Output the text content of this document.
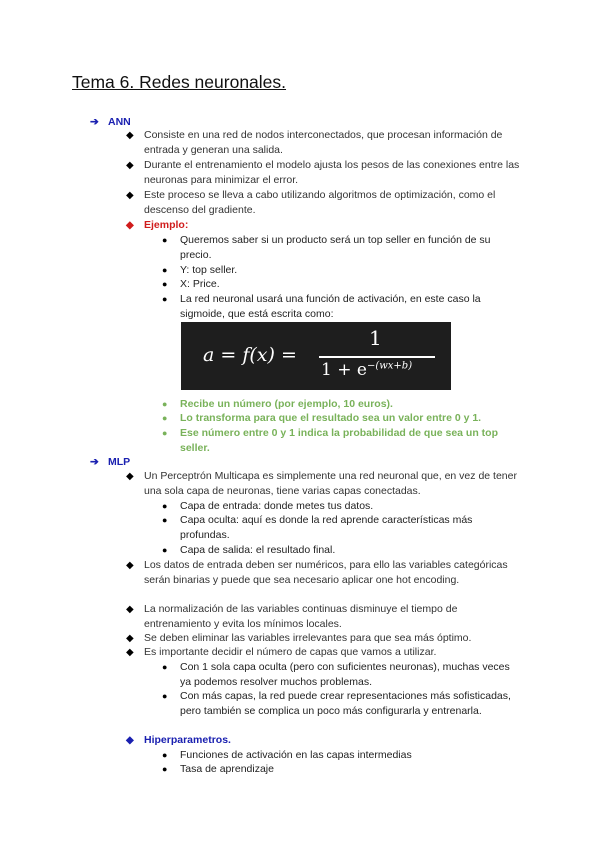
Tema 6. Redes neuronales.
➔ ANN
◆ Consiste en una red de nodos interconectados, que procesan información de entrada y generan una salida.
◆ Durante el entrenamiento el modelo ajusta los pesos de las conexiones entre las neuronas para minimizar el error.
◆ Este proceso se lleva a cabo utilizando algoritmos de optimización, como el descenso del gradiente.
◆ Ejemplo:
●	Queremos saber si un producto será un top seller en función de su precio.
●	Y: top seller.
●	X: Price.
●	La red neuronal usará una función de activación, en este caso la sigmoide, que está escrita como:
a = f(x) =
1
$1 + e^{-(wx+b)}$
●	Recibe un número (por ejemplo, 10 euros).
●	Lo transforma para que el resultado sea un valor entre 0 y 1.
●	Ese número entre 0 y 1 indica la probabilidad de que sea un top seller.
➔ MLP
◆ Un Perceptrón Multicapa es simplemente una red neuronal que, en vez de tener una sola capa de neuronas, tiene varias capas conectadas.
●	Capa de entrada: donde metes tus datos.
●	Capa oculta: aquí es donde la red aprende características más profundas.
●	Capa de salida: el resultado final.
◆ Los datos de entrada deben ser numéricos, para ello las variables categóricas serán binarias y puede que sea necesario aplicar one hot encoding.
◆ La normalización de las variables continuas disminuye el tiempo de entrenamiento y evita los mínimos locales.
◆ Se deben eliminar las variables irrelevantes para que sea más óptimo.
◆ Es importante decidir el número de capas que vamos a utilizar.
●	Con 1 sola capa oculta (pero con suficientes neuronas), muchas veces ya podemos resolver muchos problemas.
●	Con más capas, la red puede crear representaciones más sofisticadas, pero también se complica un poco más configurarla y entrenarla.
◆ Hiperparametros.
●	Funciones de activación en las capas intermedias
●	Tasa de aprendizaje
